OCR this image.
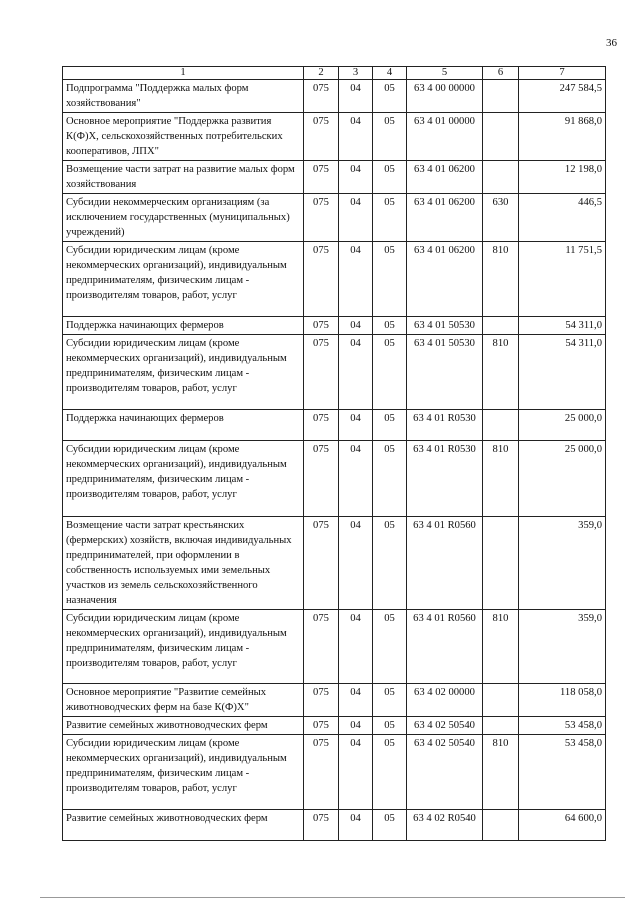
36
1	2	3	4	5	6	7
Подпрограмма "Поддержка малых форм хозяйствования"	075	04	05	63 4 00 00000		247 584,5
Основное мероприятие "Поддержка развития К(Ф)Х, сельскохозяйственных потребительских кооперативов, ЛПХ"	075	04	05	63 4 01 00000		91 868,0
Возмещение части затрат на развитие малых форм хозяйствования	075	04	05	63 4 01 06200		12 198,0
Субсидии некоммерческим организациям (за исключением государственных (муниципальных) учреждений)	075	04	05	63 4 01 06200	630	446,5
Субсидии юридическим лицам (кроме некоммерческих организаций), индивидуальным предпринимателям, физическим лицам - производителям товаров, работ, услуг	075	04	05	63 4 01 06200	810	11 751,5
Поддержка начинающих фермеров	075	04	05	63 4 01 50530		54 311,0
Субсидии юридическим лицам (кроме некоммерческих организаций), индивидуальным предпринимателям, физическим лицам - производителям товаров, работ, услуг	075	04	05	63 4 01 50530	810	54 311,0
Поддержка начинающих фермеров	075	04	05	63 4 01 R0530		25 000,0
Субсидии юридическим лицам (кроме некоммерческих организаций), индивидуальным предпринимателям, физическим лицам - производителям товаров, работ, услуг	075	04	05	63 4 01 R0530	810	25 000,0
Возмещение части затрат крестьянских (фермерских) хозяйств, включая индивидуальных предпринимателей, при оформлении в собственность используемых ими земельных участков из земель сельскохозяйственного назначения	075	04	05	63 4 01 R0560		359,0
Субсидии юридическим лицам (кроме некоммерческих организаций), индивидуальным предпринимателям, физическим лицам - производителям товаров, работ, услуг	075	04	05	63 4 01 R0560	810	359,0
Основное мероприятие "Развитие семейных животноводческих ферм на базе К(Ф)Х"	075	04	05	63 4 02 00000		118 058,0
Развитие семейных животноводческих ферм	075	04	05	63 4 02 50540		53 458,0
Субсидии юридическим лицам (кроме некоммерческих организаций), индивидуальным предпринимателям, физическим лицам - производителям товаров, работ, услуг	075	04	05	63 4 02 50540	810	53 458,0
Развитие семейных животноводческих ферм	075	04	05	63 4 02 R0540		64 600,0
